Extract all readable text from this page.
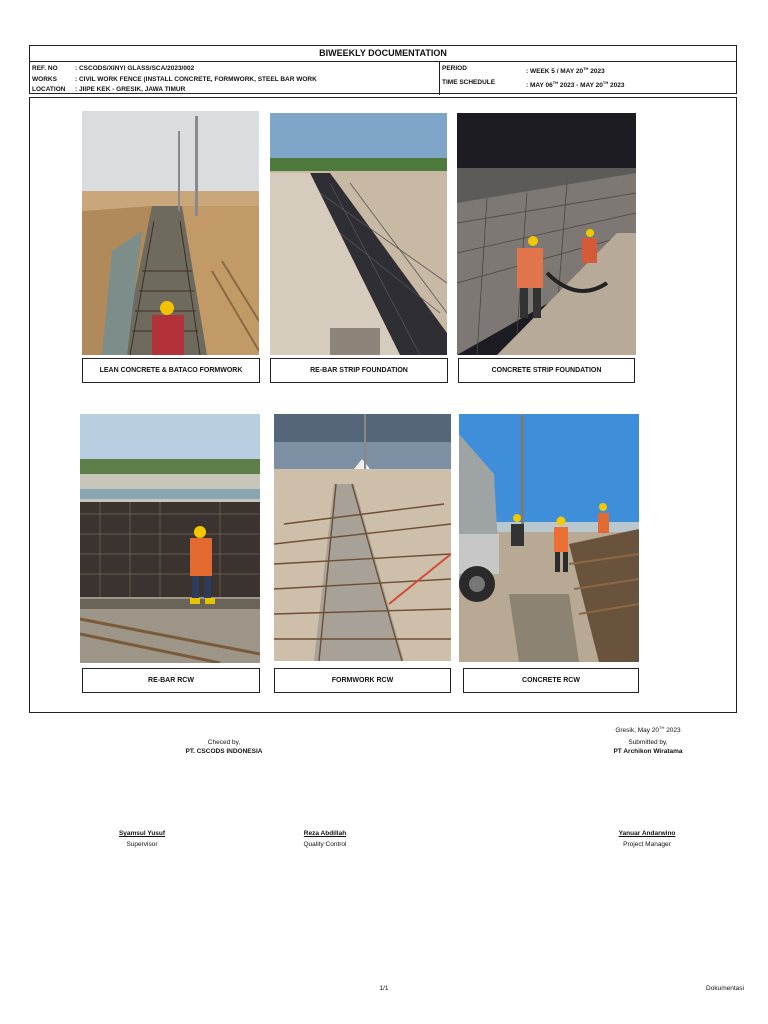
BIWEEKLY DOCUMENTATION
REF. NO	: CSCODS/XINYI GLASS/SCA/2023/002
WORKS	: CIVIL WORK FENCE (INSTALL CONCRETE, FORMWORK, STEEL BAR WORK
LOCATION	: JIIPE KEK - GRESIK, JAWA TIMUR
PERIOD	: WEEK 5 / MAY 20TH 2023
TIME SCHEDULE	: MAY 06TH 2023 - MAY 20TH 2023
LEAN CONCRETE & BATACO FORMWORK	RE-BAR STRIP FOUNDATION	CONCRETE STRIP FOUNDATION
RE-BAR RCW	FORMWORK RCW	CONCRETE RCW
Gresik, May 20TH 2023
Checed by,
PT. CSCODS INDONESIA
Submitted by,
PT Archikon Wiratama
Syamsul Yusuf
Supervisor
Reza Abdillah
Quality Control
Yanuar Andarwino
Project Manager
1/1	Dokumentasi
